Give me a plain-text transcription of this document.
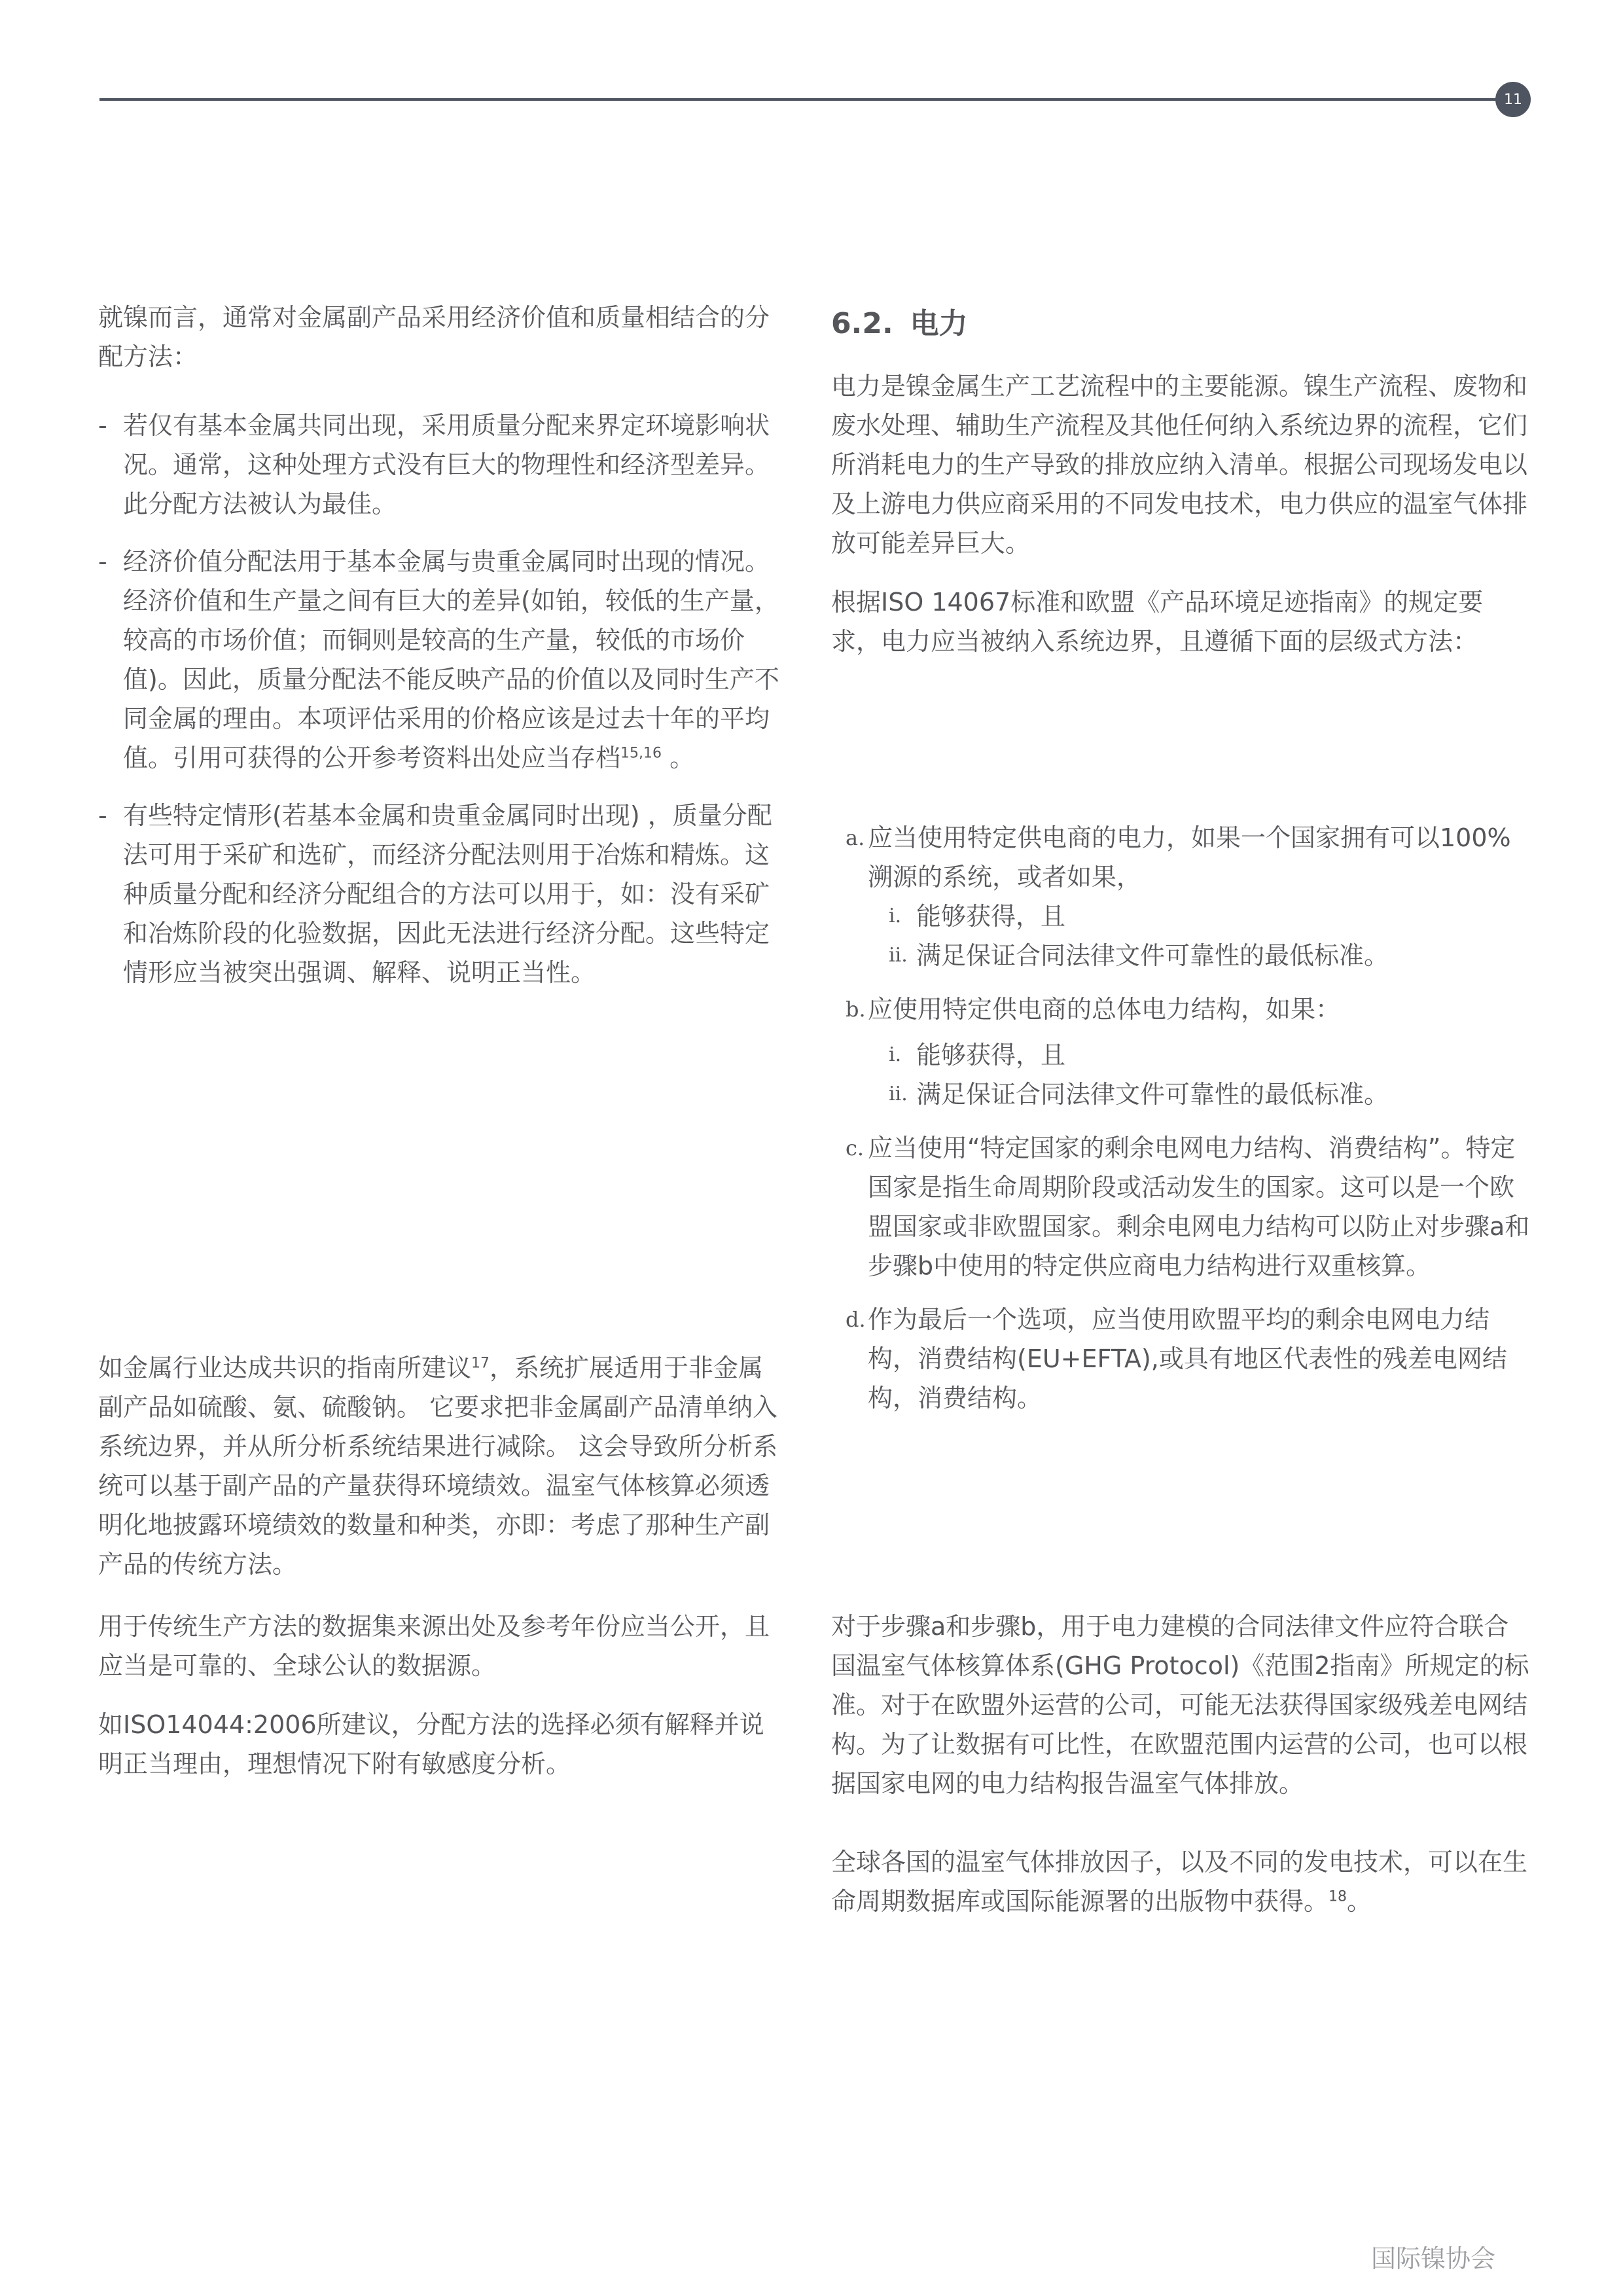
11

就镍而言，通常对金属副产品采用经济价值和质量相结合的分配方法：

- 若仅有基本金属共同出现，采用质量分配来界定环境影响状况。通常，这种处理方式没有巨大的物理性和经济型差异。此分配方法被认为最佳。
- 经济价值分配法用于基本金属与贵重金属同时出现的情况。经济价值和生产量之间有巨大的差异(如铂，较低的生产量，较高的市场价值；而铜则是较高的生产量，较低的市场价值)。因此，质量分配法不能反映产品的价值以及同时生产不同金属的理由。本项评估采用的价格应该是过去十年的平均值。引用可获得的公开参考资料出处应当存档$^{15,16}$ 。
- 有些特定情形(若基本金属和贵重金属同时出现) ，质量分配法可用于采矿和选矿，而经济分配法则用于冶炼和精炼。这种质量分配和经济分配组合的方法可以用于，如：没有采矿和冶炼阶段的化验数据，因此无法进行经济分配。这些特定情形应当被突出强调、解释、说明正当性。

如金属行业达成共识的指南所建议$^{17}$，系统扩展适用于非金属副产品如硫酸、氨、硫酸钠。 它要求把非金属副产品清单纳入系统边界，并从所分析系统结果进行减除。 这会导致所分析系统可以基于副产品的产量获得环境绩效。温室气体核算必须透明化地披露环境绩效的数量和种类，亦即：考虑了那种生产副产品的传统方法。

用于传统生产方法的数据集来源出处及参考年份应当公开，且应当是可靠的、全球公认的数据源。

如ISO14044:2006所建议，分配方法的选择必须有解释并说明正当理由，理想情况下附有敏感度分析。

6.2. 电力

电力是镍金属生产工艺流程中的主要能源。镍生产流程、废物和废水处理、辅助生产流程及其他任何纳入系统边界的流程，它们所消耗电力的生产导致的排放应纳入清单。根据公司现场发电以及上游电力供应商采用的不同发电技术，电力供应的温室气体排放可能差异巨大。

根据ISO 14067标准和欧盟《产品环境足迹指南》的规定要求，电力应当被纳入系统边界，且遵循下面的层级式方法：

a. 应当使用特定供电商的电力，如果一个国家拥有可以100%溯源的系统，或者如果，
i. 能够获得，且
ii. 满足保证合同法律文件可靠性的最低标准。
b. 应使用特定供电商的总体电力结构，如果：
i. 能够获得，且
ii. 满足保证合同法律文件可靠性的最低标准。
c. 应当使用“特定国家的剩余电网电力结构、消费结构”。特定国家是指生命周期阶段或活动发生的国家。这可以是一个欧盟国家或非欧盟国家。剩余电网电力结构可以防止对步骤a和步骤b中使用的特定供应商电力结构进行双重核算。
d. 作为最后一个选项，应当使用欧盟平均的剩余电网电力结构，消费结构(EU+EFTA),或具有地区代表性的残差电网结构，消费结构。

对于步骤a和步骤b，用于电力建模的合同法律文件应符合联合国温室气体核算体系(GHG Protocol)《范围2指南》所规定的标准。对于在欧盟外运营的公司，可能无法获得国家级残差电网结构。为了让数据有可比性，在欧盟范围内运营的公司，也可以根据国家电网的电力结构报告温室气体排放。

全球各国的温室气体排放因子，以及不同的发电技术，可以在生命周期数据库或国际能源署的出版物中获得。$^{18}$。

国际镍协会
